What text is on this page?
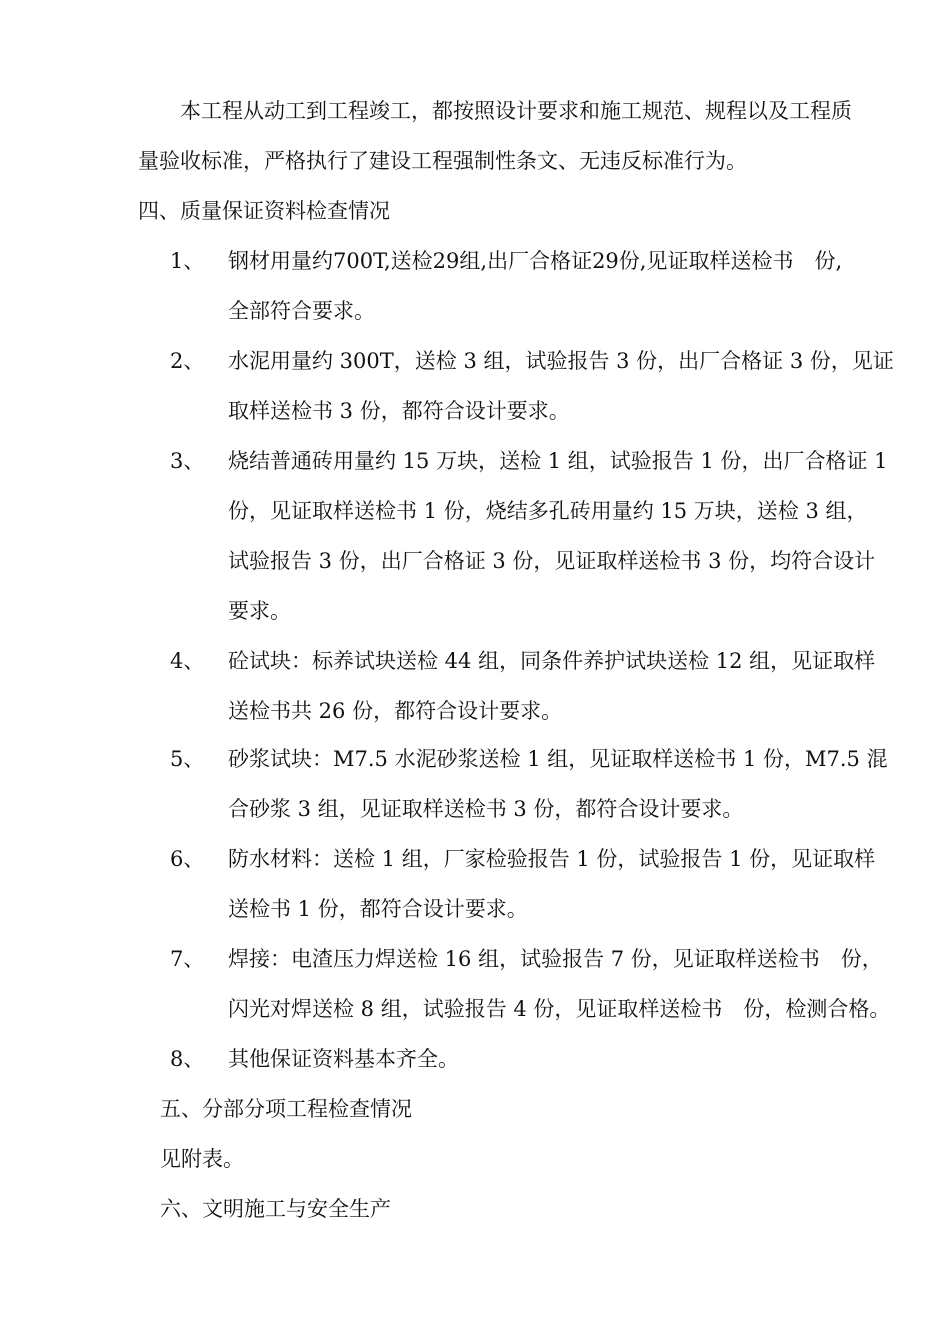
本工程从动工到工程竣工，都按照设计要求和施工规范、规程以及工程质
量验收标准，严格执行了建设工程强制性条文、无违反标准行为。
四、质量保证资料检查情况
1、 钢材用量约700T,送检29组,出厂合格证29份,见证取样送检书　份,
全部符合要求。
2、 水泥用量约 300T，送检 3 组，试验报告 3 份，出厂合格证 3 份，见证
取样送检书 3 份，都符合设计要求。
3、 烧结普通砖用量约 15 万块，送检 1 组，试验报告 1 份，出厂合格证 1
份，见证取样送检书 1 份，烧结多孔砖用量约 15 万块，送检 3 组，
试验报告 3 份，出厂合格证 3 份，见证取样送检书 3 份，均符合设计
要求。
4、 砼试块：标养试块送检 44 组，同条件养护试块送检 12 组，见证取样
送检书共 26 份，都符合设计要求。
5、 砂浆试块：M7.5 水泥砂浆送检 1 组，见证取样送检书 1 份，M7.5 混
合砂浆 3 组，见证取样送检书 3 份，都符合设计要求。
6、 防水材料：送检 1 组，厂家检验报告 1 份，试验报告 1 份，见证取样
送检书 1 份，都符合设计要求。
7、 焊接：电渣压力焊送检 16 组，试验报告 7 份，见证取样送检书　份，
闪光对焊送检 8 组，试验报告 4 份，见证取样送检书　份，检测合格。
8、 其他保证资料基本齐全。
五、分部分项工程检查情况
见附表。
六、文明施工与安全生产
